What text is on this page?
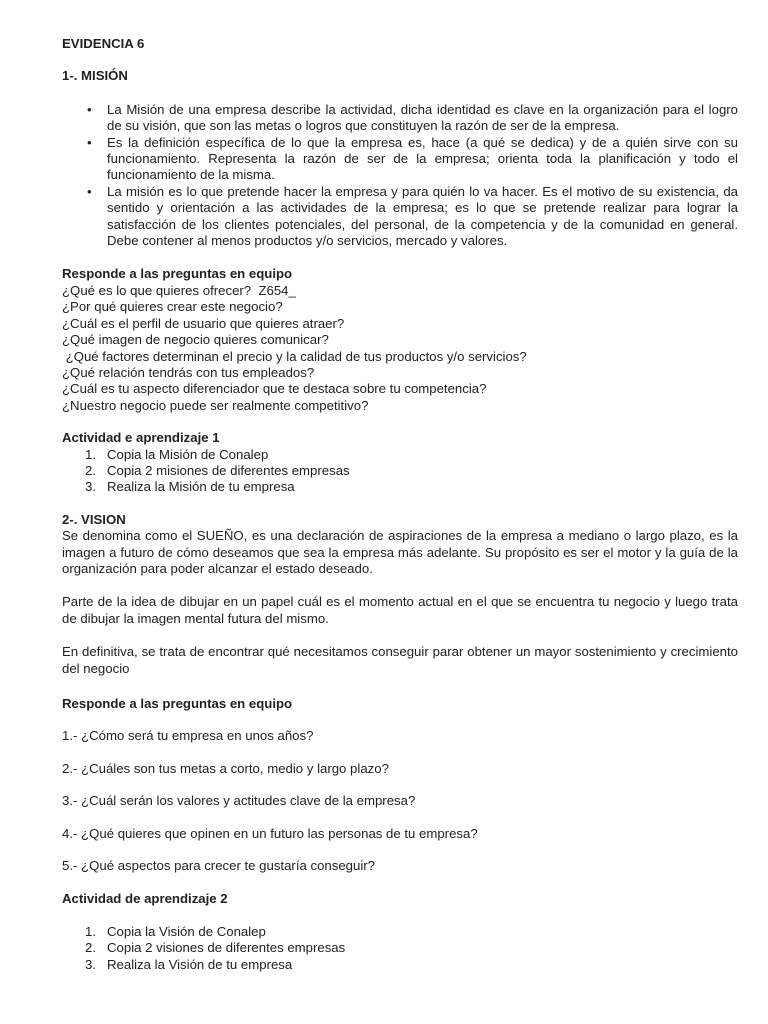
EVIDENCIA 6
1-. MISIÓN
• La Misión de una empresa describe la actividad, dicha identidad es clave en la organización para el logro de su visión, que son las metas o logros que constituyen la razón de ser de la empresa.
• Es la definición específica de lo que la empresa es, hace (a qué se dedica) y de a quién sirve con su funcionamiento. Representa la razón de ser de la empresa; orienta toda la planificación y todo el funcionamiento de la misma.
• La misión es lo que pretende hacer la empresa y para quién lo va hacer. Es el motivo de su existencia, da sentido y orientación a las actividades de la empresa; es lo que se pretende realizar para lograr la satisfacción de los clientes potenciales, del personal, de la competencia y de la comunidad en general. Debe contener al menos productos y/o servicios, mercado y valores.
Responde a las preguntas en equipo
¿Qué es lo que quieres ofrecer?  Z654_
¿Por qué quieres crear este negocio?
¿Cuál es el perfil de usuario que quieres atraer?
¿Qué imagen de negocio quieres comunicar?
¿Qué factores determinan el precio y la calidad de tus productos y/o servicios?
¿Qué relación tendrás con tus empleados?
¿Cuál es tu aspecto diferenciador que te destaca sobre tu competencia?
¿Nuestro negocio puede ser realmente competitivo?
Actividad e aprendizaje 1
1. Copia la Misión de Conalep
2. Copia 2 misiones de diferentes empresas
3. Realiza la Misión de tu empresa
2-. VISION
Se denomina como el SUEÑO, es una declaración de aspiraciones de la empresa a mediano o largo plazo, es la imagen a futuro de cómo deseamos que sea la empresa más adelante. Su propósito es ser el motor y la guía de la organización para poder alcanzar el estado deseado.
Parte de la idea de dibujar en un papel cuál es el momento actual en el que se encuentra tu negocio y luego trata de dibujar la imagen mental futura del mismo.
En definitiva, se trata de encontrar qué necesitamos conseguir parar obtener un mayor sostenimiento y crecimiento del negocio
Responde a las preguntas en equipo
1.- ¿Cómo será tu empresa en unos años?
2.- ¿Cuáles son tus metas a corto, medio y largo plazo?
3.- ¿Cuál serán los valores y actitudes clave de la empresa?
4.- ¿Qué quieres que opinen en un futuro las personas de tu empresa?
5.- ¿Qué aspectos para crecer te gustaría conseguir?
Actividad de aprendizaje 2
1. Copia la Visión de Conalep
2. Copia 2 visiones de diferentes empresas
3. Realiza la Visión de tu empresa
